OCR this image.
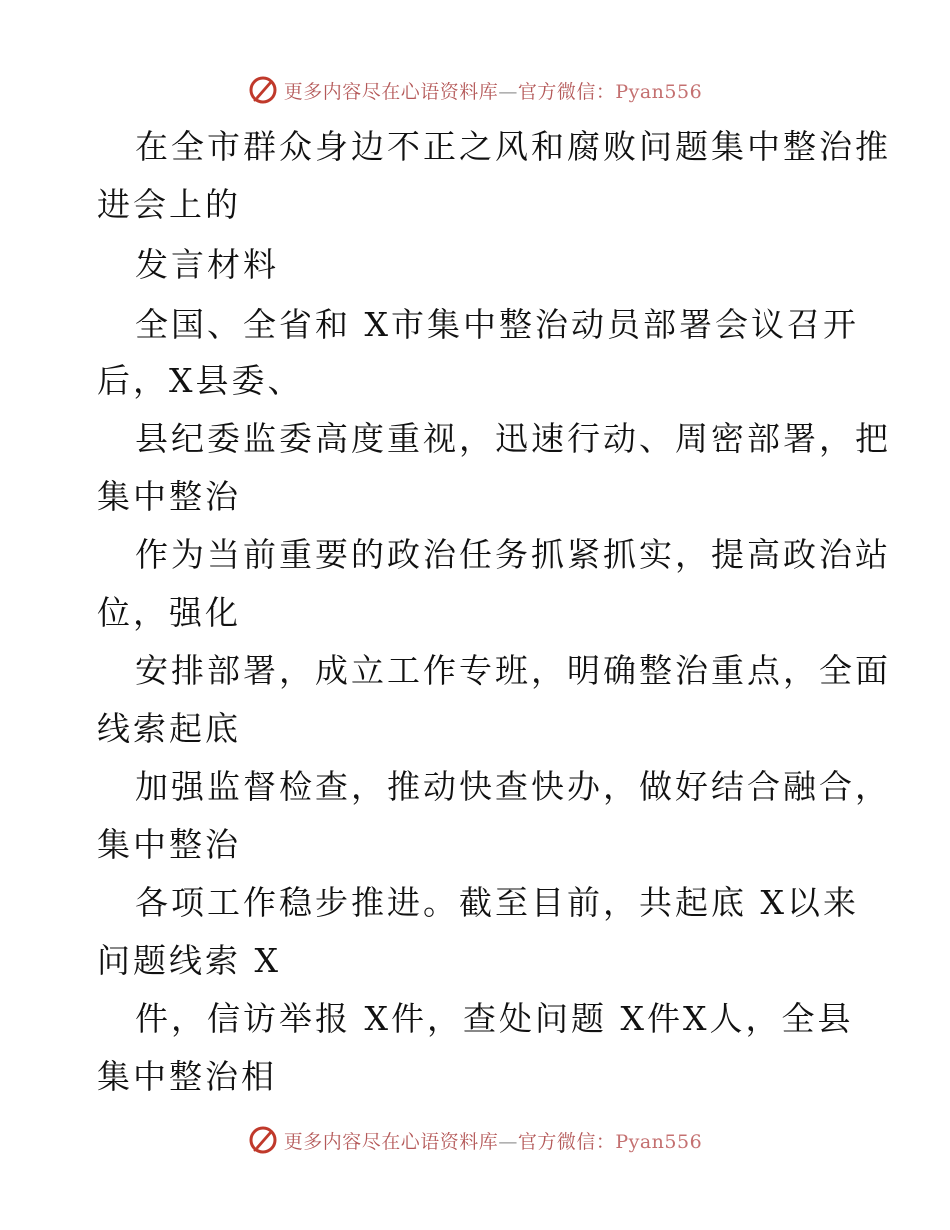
更多内容尽在心语资料库—官方微信：Pyan556
在全市群众身边不正之风和腐败问题集中整治推
进会上的
发言材料
全国、全省和 X市集中整治动员部署会议召开
后，X县委、
县纪委监委高度重视，迅速行动、周密部署，把
集中整治
作为当前重要的政治任务抓紧抓实，提高政治站
位，强化
安排部署，成立工作专班，明确整治重点，全面
线索起底
加强监督检查，推动快查快办，做好结合融合，
集中整治
各项工作稳步推进。截至目前，共起底 X以来
问题线索 X
件，信访举报 X件，查处问题 X件X人，全县
集中整治相
更多内容尽在心语资料库—官方微信：Pyan556
